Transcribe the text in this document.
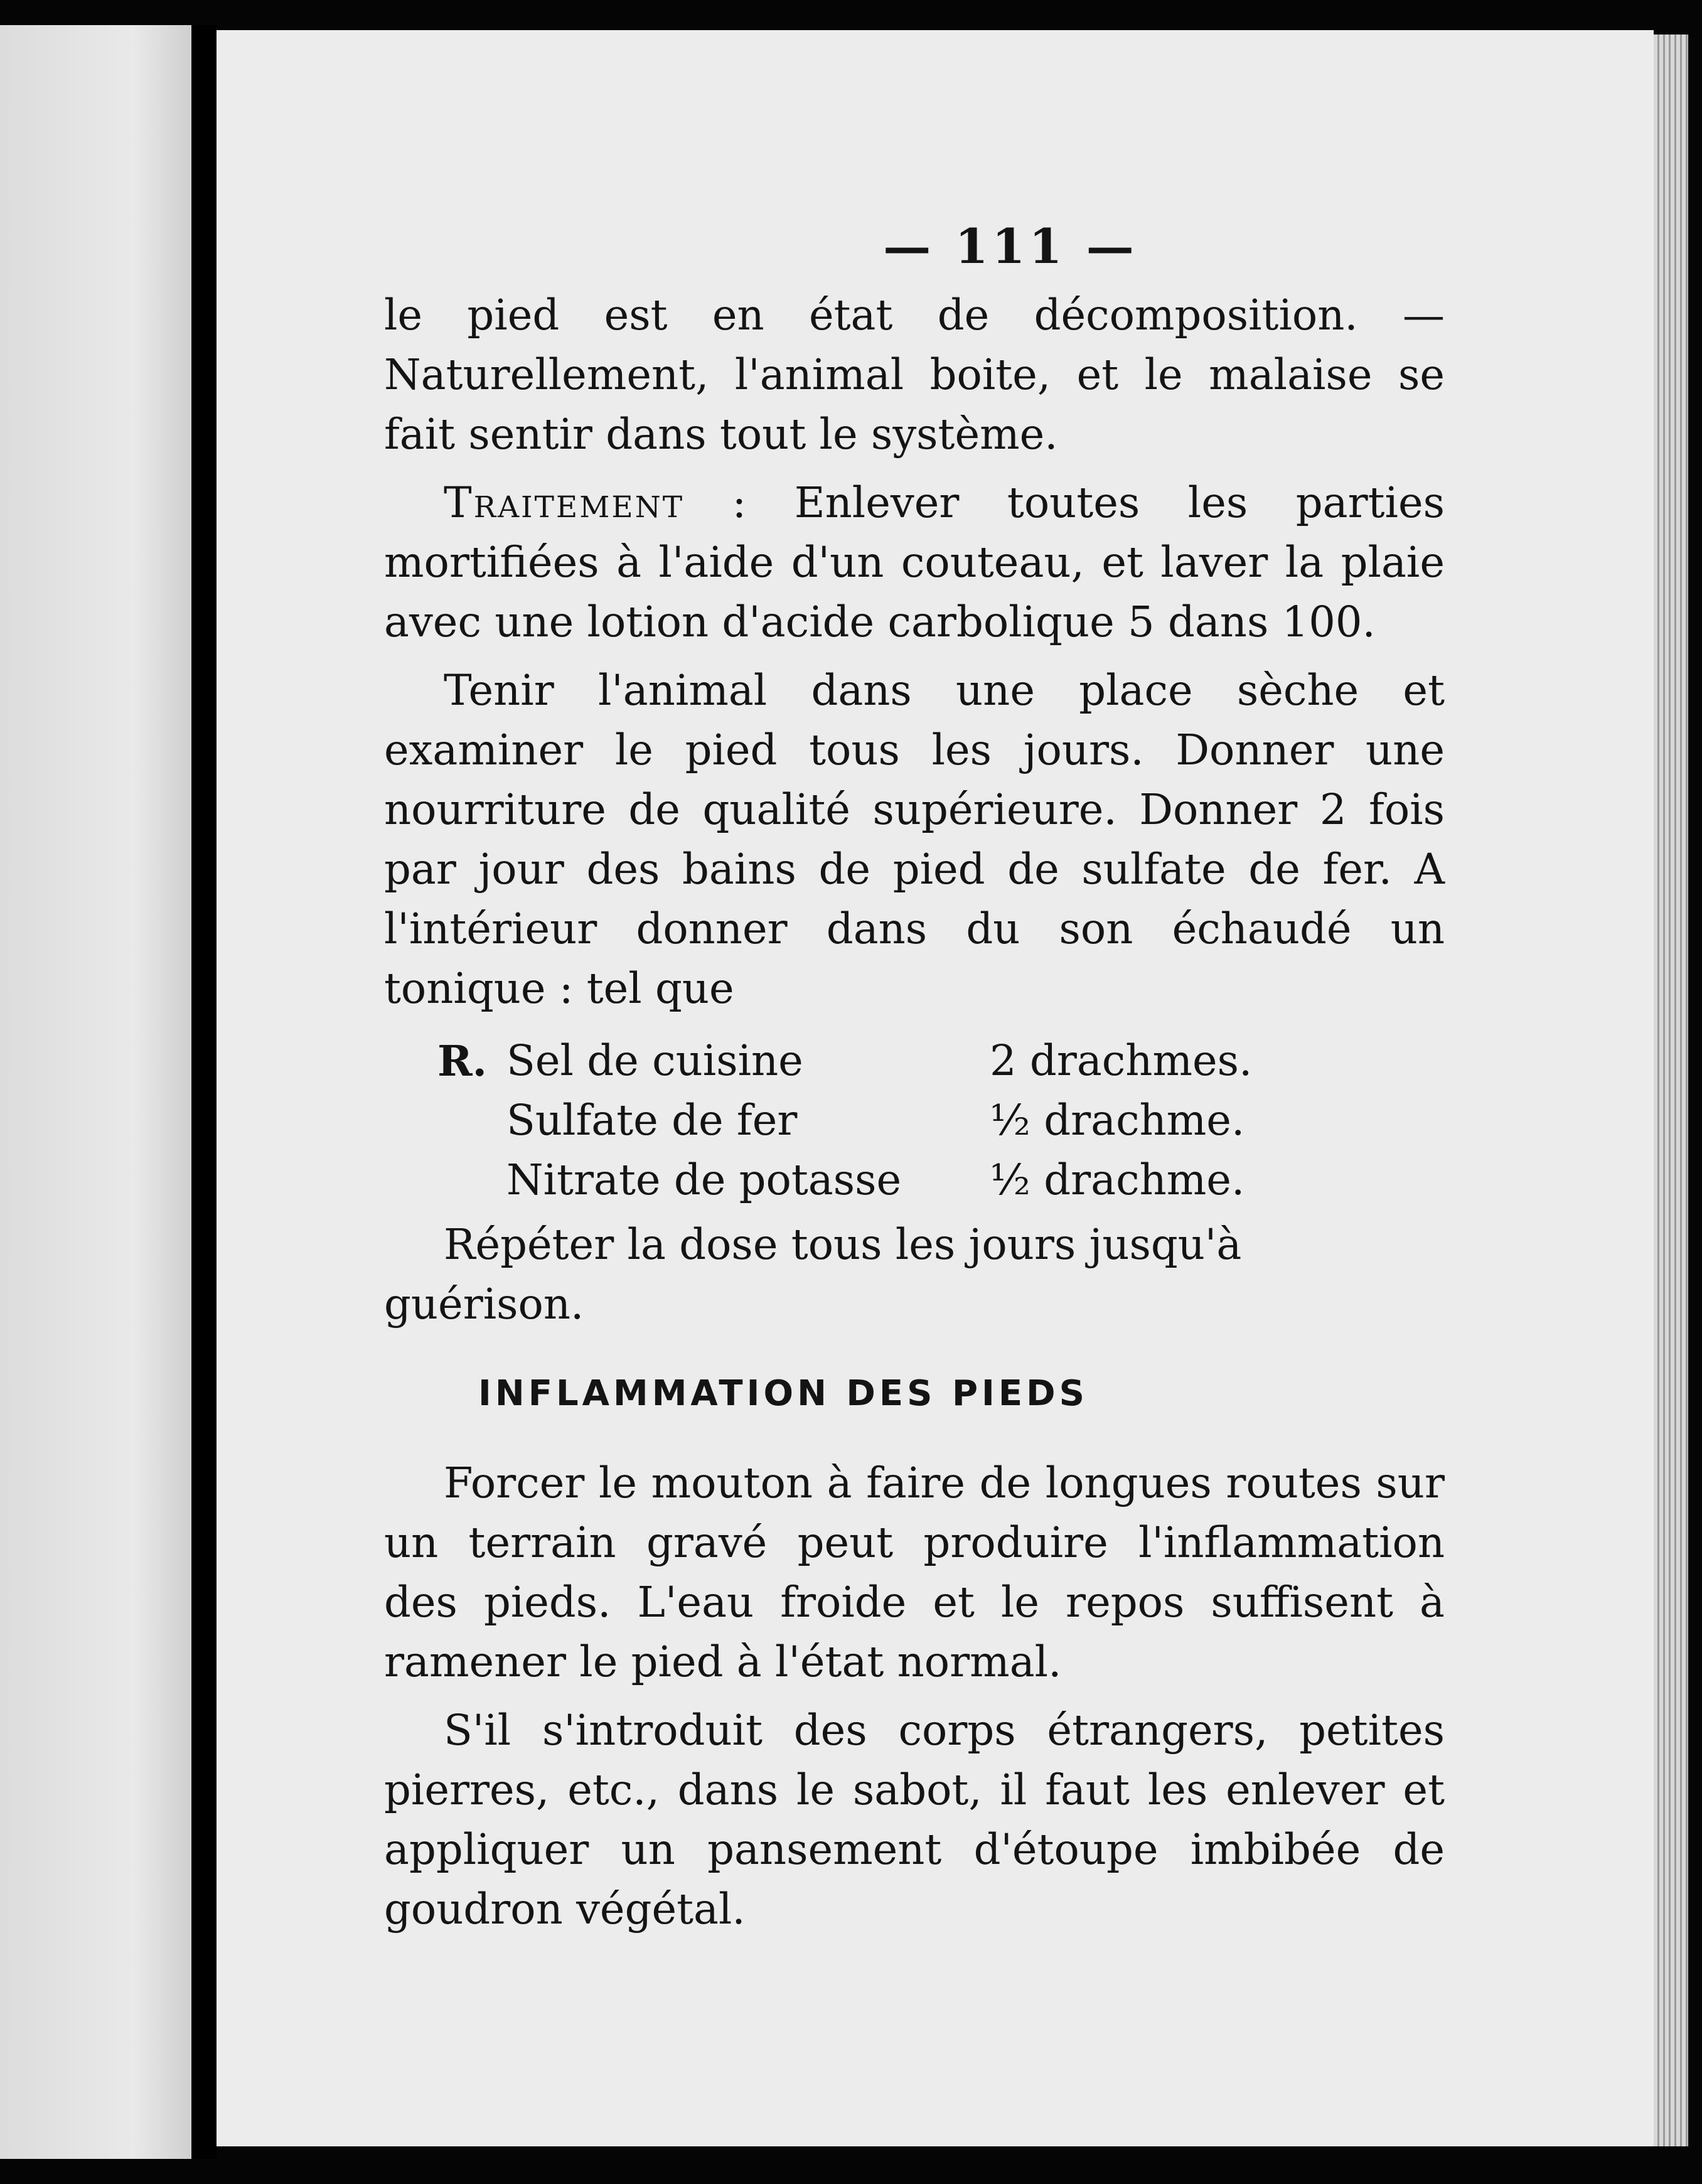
— 111 —

le pied est en état de décomposition. — Naturellement, l'animal boite, et le malaise se fait sentir dans tout le système.

Traitement : Enlever toutes les parties mortifiées à l'aide d'un couteau, et laver la plaie avec une lotion d'acide carbolique 5 dans 100.

Tenir l'animal dans une place sèche et examiner le pied tous les jours. Donner une nourriture de qualité supérieure. Donner 2 fois par jour des bains de pied de sulfate de fer. A l'intérieur donner dans du son échaudé un tonique : tel que

R. Sel de cuisine	2 drachmes.
Sulfate de fer	½ drachme.
Nitrate de potasse	½ drachme.

Répéter la dose tous les jours jusqu'à guérison.

INFLAMMATION DES PIEDS

Forcer le mouton à faire de longues routes sur un terrain gravé peut produire l'inflammation des pieds. L'eau froide et le repos suffisent à ramener le pied à l'état normal.

S'il s'introduit des corps étrangers, petites pierres, etc., dans le sabot, il faut les enlever et appliquer un pansement d'étoupe imbibée de goudron végétal.
